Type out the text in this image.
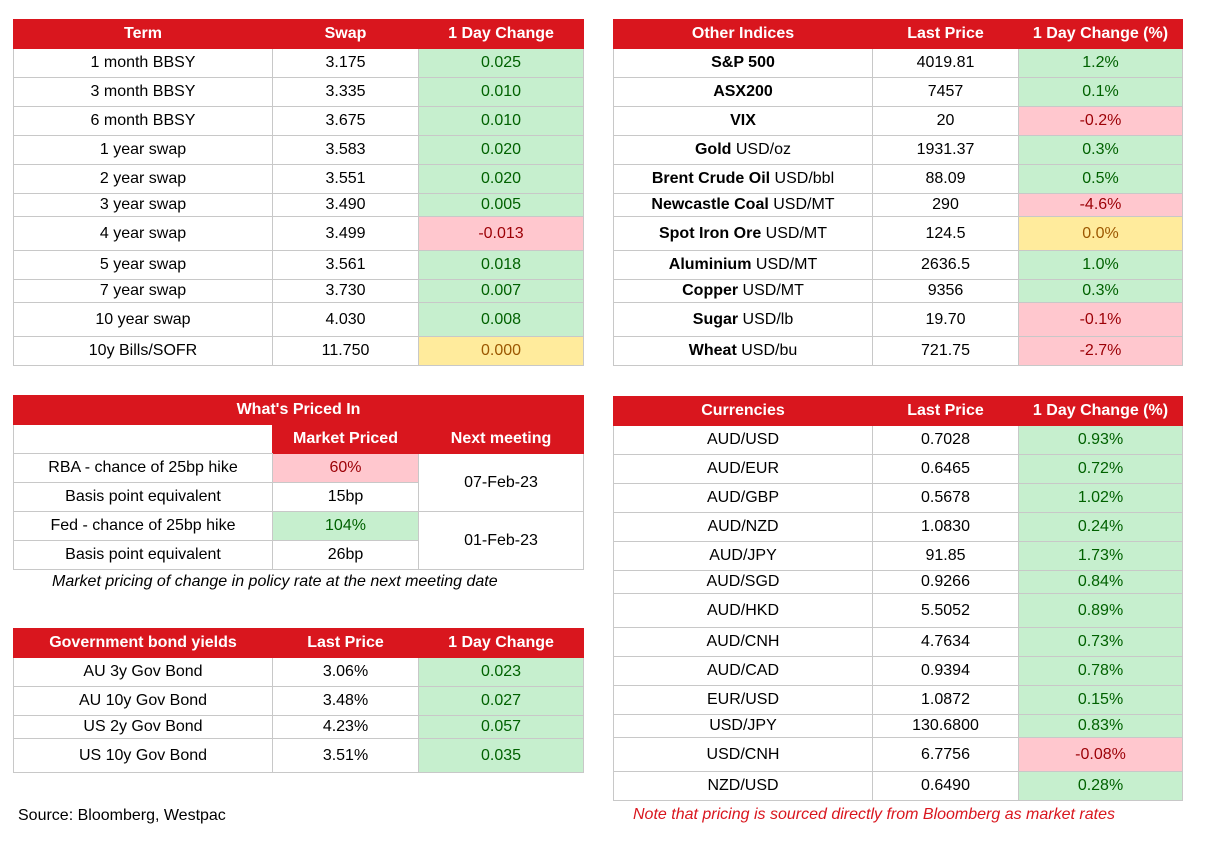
Term	Swap	1 Day Change
1 month BBSY	3.175	0.025
3 month BBSY	3.335	0.010
6 month BBSY	3.675	0.010
1 year swap	3.583	0.020
2 year swap	3.551	0.020
3 year swap	3.490	0.005
4 year swap	3.499	-0.013
5 year swap	3.561	0.018
7 year swap	3.730	0.007
10 year swap	4.030	0.008
10y Bills/SOFR	11.750	0.000
Other Indices	Last Price	1 Day Change (%)
S&P 500	4019.81	1.2%
ASX200	7457	0.1%
VIX	20	-0.2%
Gold USD/oz	1931.37	0.3%
Brent Crude Oil USD/bbl	88.09	0.5%
Newcastle Coal USD/MT	290	-4.6%
Spot Iron Ore USD/MT	124.5	0.0%
Aluminium USD/MT	2636.5	1.0%
Copper USD/MT	9356	0.3%
Sugar USD/lb	19.70	-0.1%
Wheat USD/bu	721.75	-2.7%
What's Priced In		
	Market Priced	Next meeting
RBA - chance of 25bp hike	60%	07-Feb-23
Basis point equivalent	15bp	
Fed - chance of 25bp hike	104%	01-Feb-23
Basis point equivalent	26bp	
Market pricing of change in policy rate at the next meeting date
Government bond yields	Last Price	1 Day Change
AU 3y Gov Bond	3.06%	0.023
AU 10y Gov Bond	3.48%	0.027
US 2y Gov Bond	4.23%	0.057
US 10y Gov Bond	3.51%	0.035
Currencies	Last Price	1 Day Change (%)
AUD/USD	0.7028	0.93%
AUD/EUR	0.6465	0.72%
AUD/GBP	0.5678	1.02%
AUD/NZD	1.0830	0.24%
AUD/JPY	91.85	1.73%
AUD/SGD	0.9266	0.84%
AUD/HKD	5.5052	0.89%
AUD/CNH	4.7634	0.73%
AUD/CAD	0.9394	0.78%
EUR/USD	1.0872	0.15%
USD/JPY	130.6800	0.83%
USD/CNH	6.7756	-0.08%
NZD/USD	0.6490	0.28%
Source: Bloomberg, Westpac	Note that pricing is sourced directly from Bloomberg as market rates
